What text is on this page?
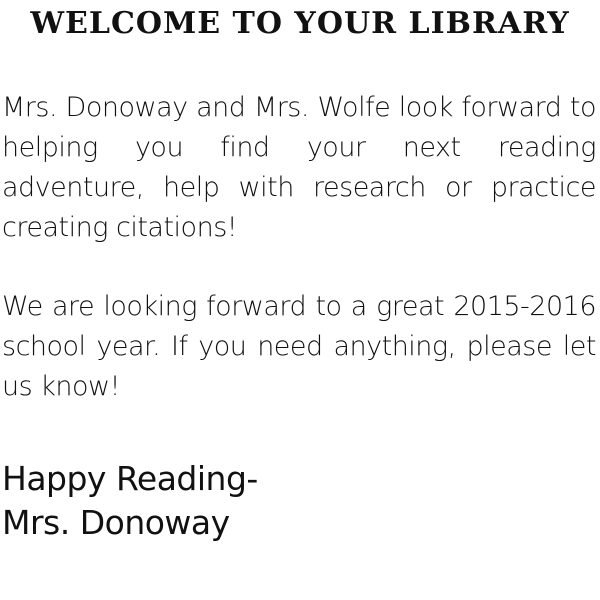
WELCOME TO YOUR LIBRARY

Mrs. Donoway and Mrs. Wolfe look forward to helping you find your next reading adventure, help with research or practice creating citations!

We are looking forward to a great 2015-2016 school year. If you need anything, please let us know!

Happy Reading-

Mrs. Donoway
